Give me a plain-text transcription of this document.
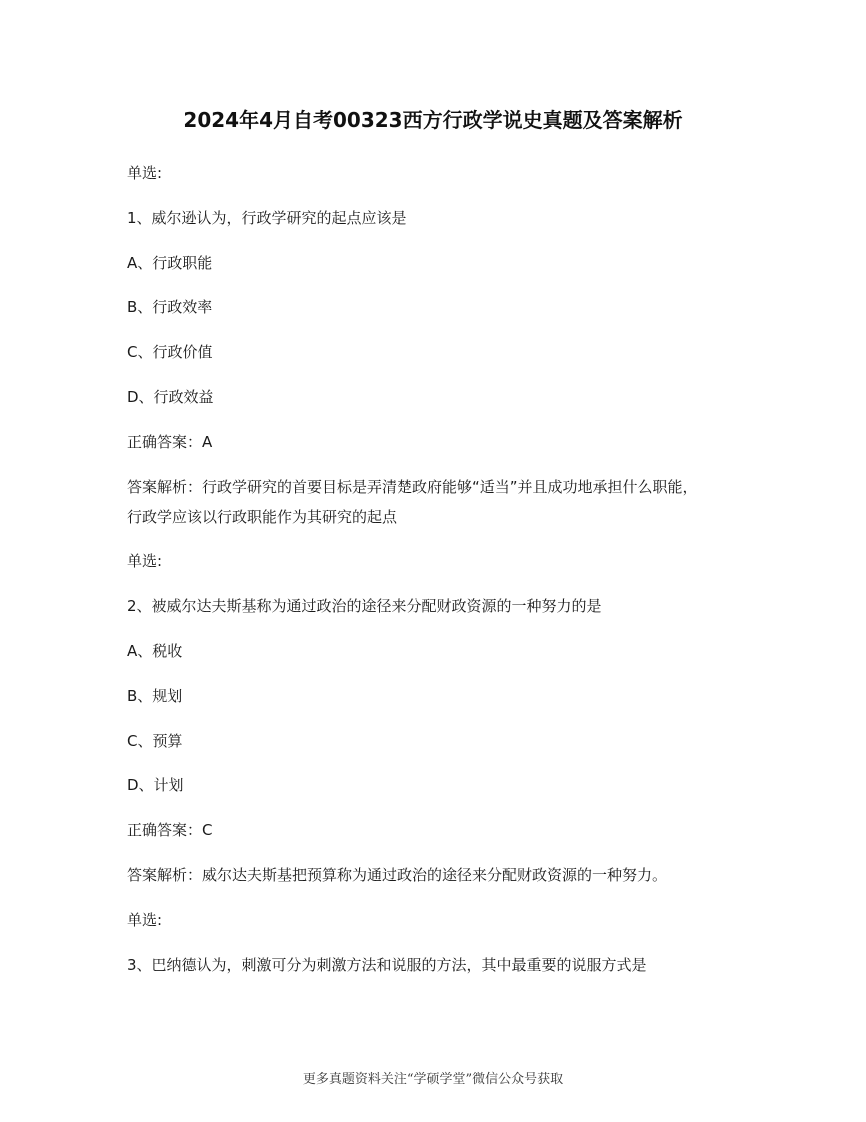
2024年4月自考00323西方行政学说史真题及答案解析
单选:
1、威尔逊认为，行政学研究的起点应该是
A、行政职能
B、行政效率
C、行政价值
D、行政效益
正确答案：A
答案解析：行政学研究的首要目标是弄清楚政府能够“适当”并且成功地承担什么职能，
行政学应该以行政职能作为其研究的起点
单选:
2、被威尔达夫斯基称为通过政治的途径来分配财政资源的一种努力的是
A、税收
B、规划
C、预算
D、计划
正确答案：C
答案解析：威尔达夫斯基把预算称为通过政治的途径来分配财政资源的一种努力。
单选:
3、巴纳德认为，刺激可分为刺激方法和说服的方法，其中最重要的说服方式是
更多真题资料关注“学硕学堂”微信公众号获取
